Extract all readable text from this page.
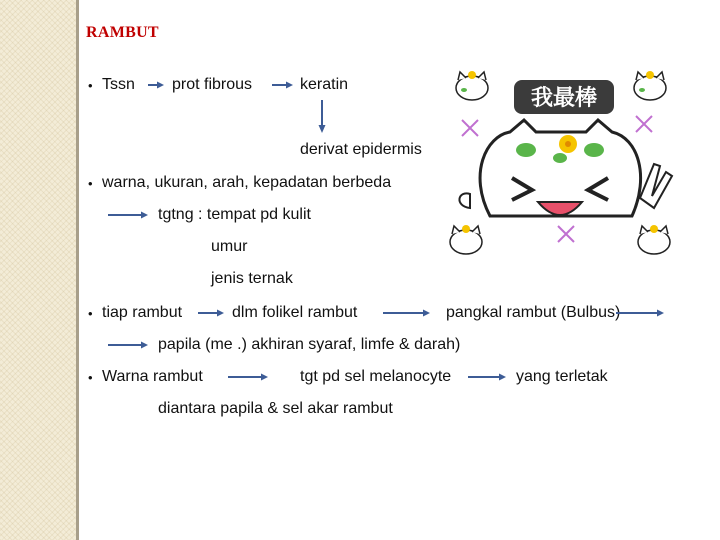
RAMBUT
• Tssn prot fibrous	keratin
derivat epidermis
• warna, ukuran, arah, kepadatan berbeda
tgtng : tempat pd kulit
umur
jenis ternak
• tiap rambut	dlm folikel rambut	pangkal rambut (Bulbus)
papila (me .) akhiran syaraf, limfe & darah)
• Warna rambut	tgt pd sel melanocyte	yang terletak
diantara papila & sel akar rambut
我最棒
